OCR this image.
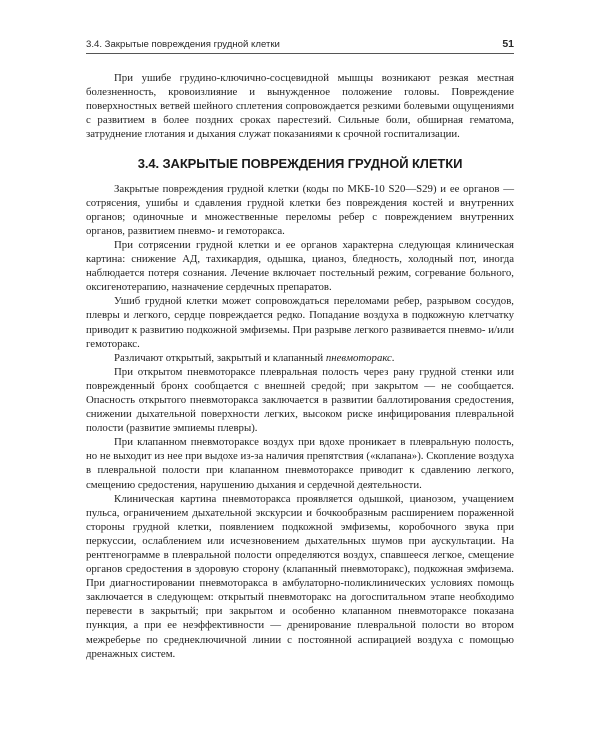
3.4. Закрытые повреждения грудной клетки	51

При ушибе грудино-ключично-сосцевидной мышцы возникают резкая местная болезненность, кровоизлияние и вынужденное положение головы. Повреждение поверхностных ветвей шейного сплетения сопровождается резкими болевыми ощущениями с развитием в более поздних сроках парестезий. Сильные боли, обширная гематома, затруднение глотания и дыхания служат показаниями к срочной госпитализации.

3.4. ЗАКРЫТЫЕ ПОВРЕЖДЕНИЯ ГРУДНОЙ КЛЕТКИ

Закрытые повреждения грудной клетки (коды по МКБ-10 S20—S29) и ее органов — сотрясения, ушибы и сдавления грудной клетки без повреждения костей и внутренних органов; одиночные и множественные переломы ребер с повреждением внутренних органов, развитием пневмо- и гемоторакса.

При сотрясении грудной клетки и ее органов характерна следующая клиническая картина: снижение АД, тахикардия, одышка, цианоз, бледность, холодный пот, иногда наблюдается потеря сознания. Лечение включает постельный режим, согревание больного, оксигенотерапию, назначение сердечных препаратов.

Ушиб грудной клетки может сопровождаться переломами ребер, разрывом сосудов, плевры и легкого, сердце повреждается редко. Попадание воздуха в подкожную клетчатку приводит к развитию подкожной эмфиземы. При разрыве легкого развивается пневмо- и/или гемоторакс.

Различают открытый, закрытый и клапанный пневмоторакс.

При открытом пневмотораксе плевральная полость через рану грудной стенки или поврежденный бронх сообщается с внешней средой; при закрытом — не сообщается. Опасность открытого пневмоторакса заключается в развитии баллотирования средостения, снижении дыхательной поверхности легких, высоком риске инфицирования плевральной полости (развитие эмпиемы плевры).

При клапанном пневмотораксе воздух при вдохе проникает в плевральную полость, но не выходит из нее при выдохе из-за наличия препятствия («клапана»). Скопление воздуха в плевральной полости при клапанном пневмотораксе приводит к сдавлению легкого, смещению средостения, нарушению дыхания и сердечной деятельности.

Клиническая картина пневмоторакса проявляется одышкой, цианозом, учащением пульса, ограничением дыхательной экскурсии и бочкообразным расширением пораженной стороны грудной клетки, появлением подкожной эмфиземы, коробочного звука при перкуссии, ослаблением или исчезновением дыхательных шумов при аускультации. На рентгенограмме в плевральной полости определяются воздух, спавшееся легкое, смещение органов средостения в здоровую сторону (клапанный пневмоторакс), подкожная эмфизема. При диагностировании пневмоторакса в амбулаторно-поликлинических условиях помощь заключается в следующем: открытый пневмоторакс на догоспитальном этапе необходимо перевести в закрытый; при закрытом и особенно клапанном пневмотораксе показана пункция, а при ее неэффективности — дренирование плевральной полости во втором межреберье по среднеключичной линии с постоянной аспирацией воздуха с помощью дренажных систем.
